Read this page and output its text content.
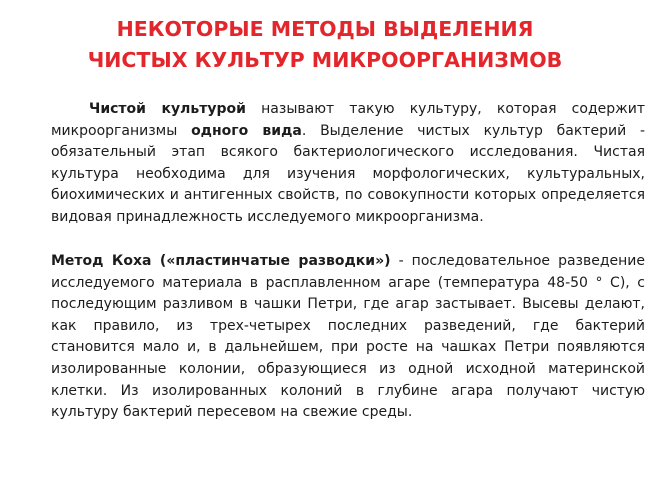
НЕКОТОРЫЕ МЕТОДЫ ВЫДЕЛЕНИЯ
ЧИСТЫХ КУЛЬТУР МИКРООРГАНИЗМОВ

Чистой культурой называют такую культуру, которая содержит микроорганизмы одного вида. Выделение чистых культур бактерий - обязательный этап всякого бактериологического исследования. Чистая культура необходима для изучения морфологических, культуральных, биохимических и антигенных свойств, по совокупности которых определяется видовая принадлежность исследуемого микроорганизма.

Метод Коха («пластинчатые разводки») - последовательное разведение исследуемого материала в расплавленном агаре (температура 48-50 ° С), с последующим разливом в чашки Петри, где агар застывает. Высевы делают, как правило, из трех-четырех последних разведений, где бактерий становится мало и, в дальнейшем, при росте на чашках Петри появляются изолированные колонии, образующиеся из одной исходной материнской клетки. Из изолированных колоний в глубине агара получают чистую культуру бактерий пересевом на свежие среды.
